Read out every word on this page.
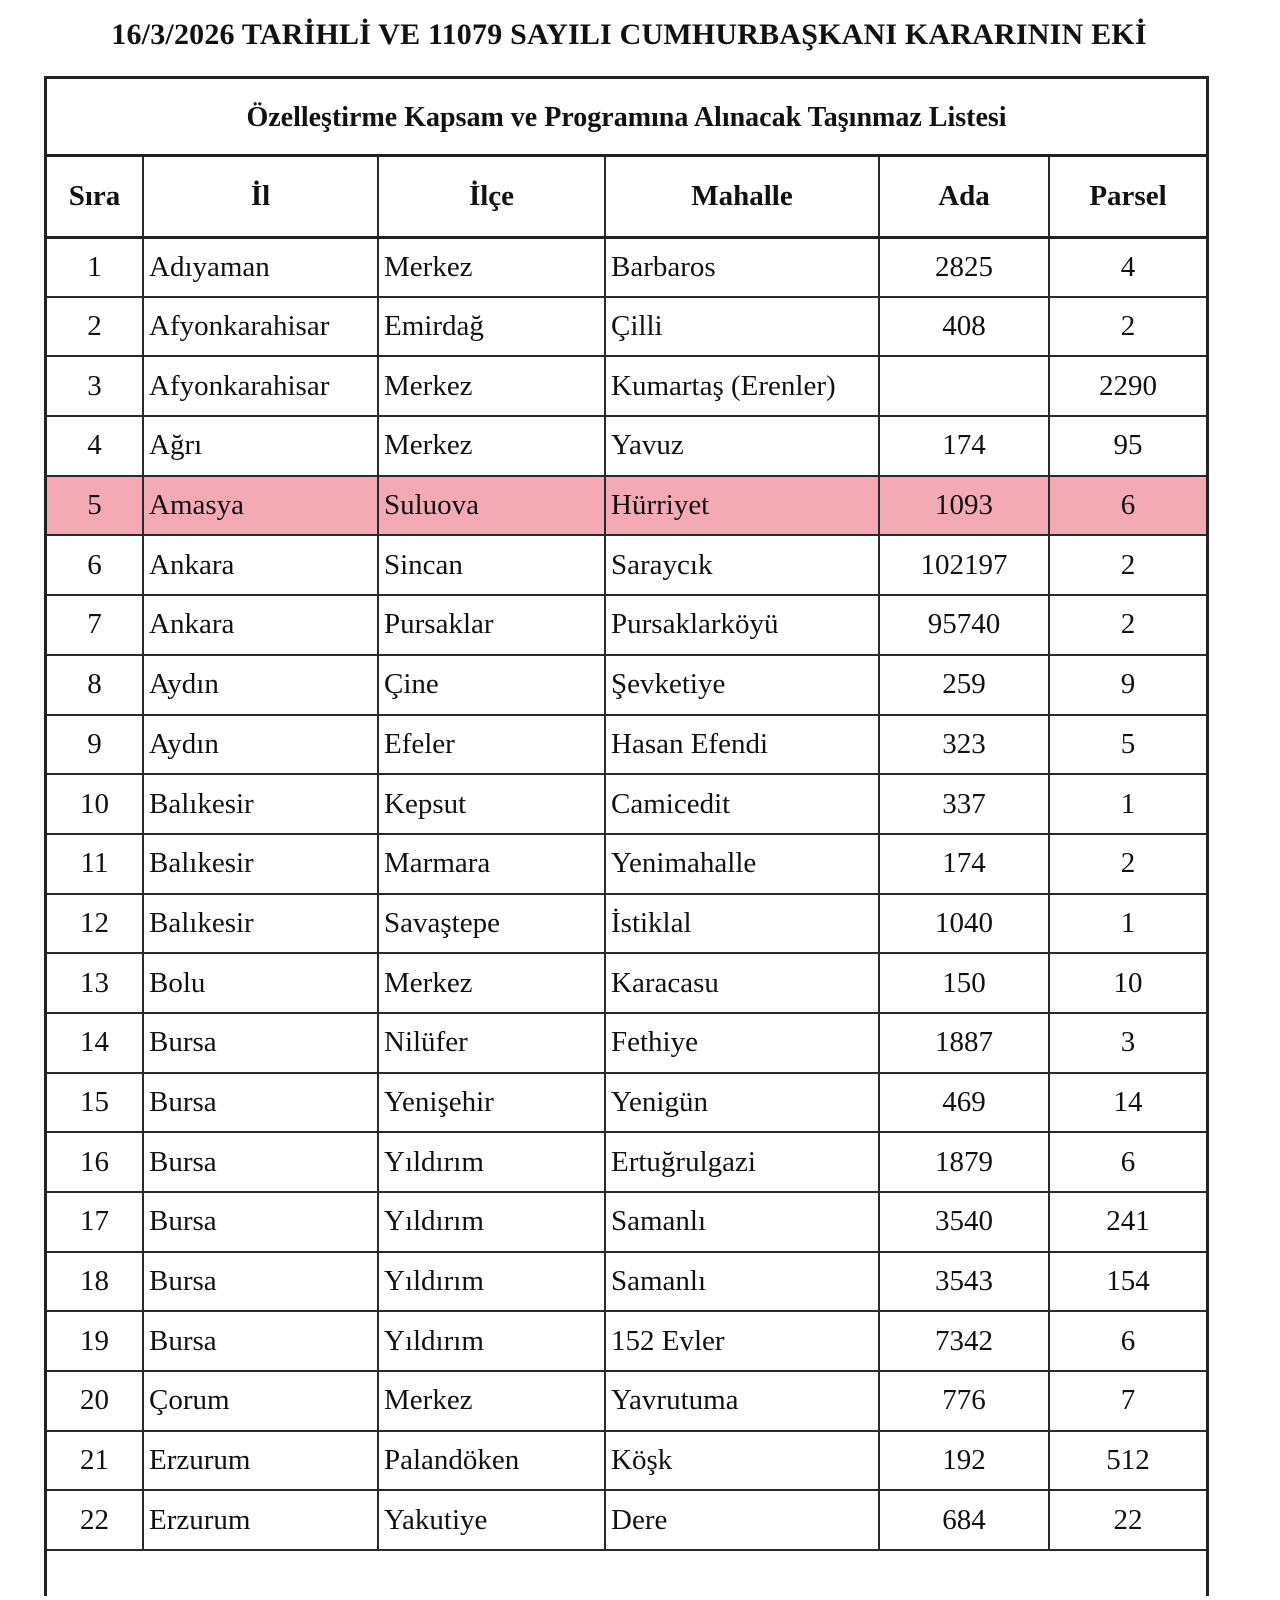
16/3/2026 TARİHLİ VE 11079 SAYILI CUMHURBAŞKANI KARARININ EKİ
Özelleştirme Kapsam ve Programına Alınacak Taşınmaz Listesi
Sıra	İl	İlçe	Mahalle	Ada	Parsel
1	Adıyaman	Merkez	Barbaros	2825	4
2	Afyonkarahisar	Emirdağ	Çilli	408	2
3	Afyonkarahisar	Merkez	Kumartaş (Erenler)		2290
4	Ağrı	Merkez	Yavuz	174	95
5	Amasya	Suluova	Hürriyet	1093	6
6	Ankara	Sincan	Saraycık	102197	2
7	Ankara	Pursaklar	Pursaklarköyü	95740	2
8	Aydın	Çine	Şevketiye	259	9
9	Aydın	Efeler	Hasan Efendi	323	5
10	Balıkesir	Kepsut	Camicedit	337	1
11	Balıkesir	Marmara	Yenimahalle	174	2
12	Balıkesir	Savaştepe	İstiklal	1040	1
13	Bolu	Merkez	Karacasu	150	10
14	Bursa	Nilüfer	Fethiye	1887	3
15	Bursa	Yenişehir	Yenigün	469	14
16	Bursa	Yıldırım	Ertuğrulgazi	1879	6
17	Bursa	Yıldırım	Samanlı	3540	241
18	Bursa	Yıldırım	Samanlı	3543	154
19	Bursa	Yıldırım	152 Evler	7342	6
20	Çorum	Merkez	Yavrutuma	776	7
21	Erzurum	Palandöken	Köşk	192	512
22	Erzurum	Yakutiye	Dere	684	22
